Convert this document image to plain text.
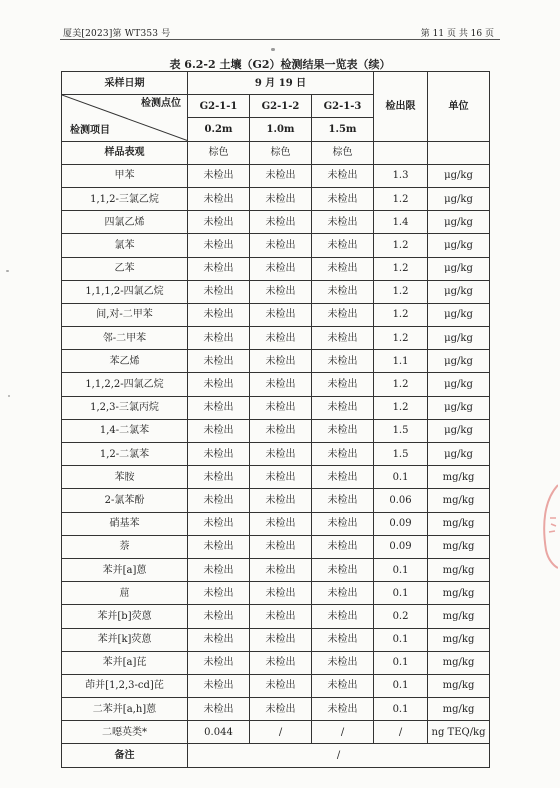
厦美[2023]第 WT353 号	第 11 页 共 16 页
表 6.2-2 土壤（G2）检测结果一览表（续）
采样日期	9 月 19 日			检出限	单位

检测点位
检测项目	G2-1-1	G2-1-2	G2-1-3		
	0.2m	1.0m	1.5m		
样品表观	棕色	棕色	棕色		
甲苯	未检出	未检出	未检出	1.3	μg/kg
1,1,2-三氯乙烷	未检出	未检出	未检出	1.2	μg/kg
四氯乙烯	未检出	未检出	未检出	1.4	μg/kg
氯苯	未检出	未检出	未检出	1.2	μg/kg
乙苯	未检出	未检出	未检出	1.2	μg/kg
1,1,1,2-四氯乙烷	未检出	未检出	未检出	1.2	μg/kg
间,对-二甲苯	未检出	未检出	未检出	1.2	μg/kg
邻-二甲苯	未检出	未检出	未检出	1.2	μg/kg
苯乙烯	未检出	未检出	未检出	1.1	μg/kg
1,1,2,2-四氯乙烷	未检出	未检出	未检出	1.2	μg/kg
1,2,3-三氯丙烷	未检出	未检出	未检出	1.2	μg/kg
1,4-二氯苯	未检出	未检出	未检出	1.5	μg/kg
1,2-二氯苯	未检出	未检出	未检出	1.5	μg/kg
苯胺	未检出	未检出	未检出	0.1	mg/kg
2-氯苯酚	未检出	未检出	未检出	0.06	mg/kg
硝基苯	未检出	未检出	未检出	0.09	mg/kg
萘	未检出	未检出	未检出	0.09	mg/kg
苯并[a]蒽	未检出	未检出	未检出	0.1	mg/kg
䓛	未检出	未检出	未检出	0.1	mg/kg
苯并[b]荧蒽	未检出	未检出	未检出	0.2	mg/kg
苯并[k]荧蒽	未检出	未检出	未检出	0.1	mg/kg
苯并[a]芘	未检出	未检出	未检出	0.1	mg/kg
茚并[1,2,3-cd]芘	未检出	未检出	未检出	0.1	mg/kg
二苯并[a,h]蒽	未检出	未检出	未检出	0.1	mg/kg
二噁英类*	0.044	/	/	/	ng TEQ/kg
备注	/				
